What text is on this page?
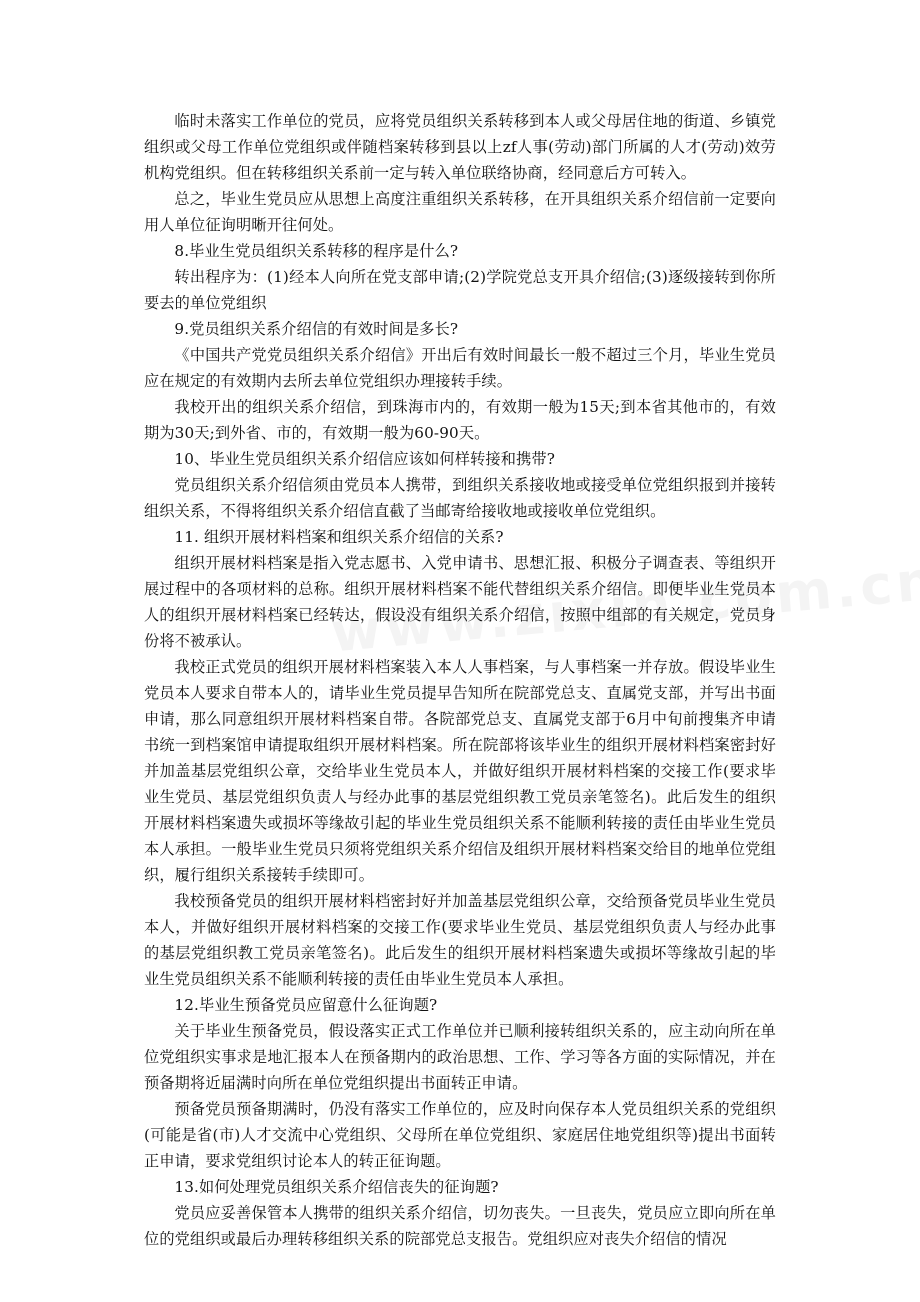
临时未落实工作单位的党员，应将党员组织关系转移到本人或父母居住地的街道、乡镇党组织或父母工作单位党组织或伴随档案转移到县以上zf人事(劳动)部门所属的人才(劳动)效劳机构党组织。但在转移组织关系前一定与转入单位联络协商，经同意后方可转入。

总之，毕业生党员应从思想上高度注重组织关系转移，在开具组织关系介绍信前一定要向用人单位征询明晰开往何处。

8.毕业生党员组织关系转移的程序是什么?

转出程序为：(1)经本人向所在党支部申请;(2)学院党总支开具介绍信;(3)逐级接转到你所要去的单位党组织

9.党员组织关系介绍信的有效时间是多长?

《中国共产党党员组织关系介绍信》开出后有效时间最长一般不超过三个月，毕业生党员应在规定的有效期内去所去单位党组织办理接转手续。

我校开出的组织关系介绍信，到珠海市内的，有效期一般为15天;到本省其他市的，有效期为30天;到外省、市的，有效期一般为60-90天。

10、毕业生党员组织关系介绍信应该如何样转接和携带?

党员组织关系介绍信须由党员本人携带，到组织关系接收地或接受单位党组织报到并接转组织关系，不得将组织关系介绍信直截了当邮寄给接收地或接收单位党组织。

11. 组织开展材料档案和组织关系介绍信的关系?

组织开展材料档案是指入党志愿书、入党申请书、思想汇报、积极分子调查表、等组织开展过程中的各项材料的总称。组织开展材料档案不能代替组织关系介绍信。即便毕业生党员本人的组织开展材料档案已经转达，假设没有组织关系介绍信，按照中组部的有关规定，党员身份将不被承认。

我校正式党员的组织开展材料档案装入本人人事档案，与人事档案一并存放。假设毕业生党员本人要求自带本人的，请毕业生党员提早告知所在院部党总支、直属党支部，并写出书面申请，那么同意组织开展材料档案自带。各院部党总支、直属党支部于6月中旬前搜集齐申请书统一到档案馆申请提取组织开展材料档案。所在院部将该毕业生的组织开展材料档案密封好并加盖基层党组织公章，交给毕业生党员本人，并做好组织开展材料档案的交接工作(要求毕业生党员、基层党组织负责人与经办此事的基层党组织教工党员亲笔签名)。此后发生的组织开展材料档案遗失或损坏等缘故引起的毕业生党员组织关系不能顺利转接的责任由毕业生党员本人承担。一般毕业生党员只须将党组织关系介绍信及组织开展材料档案交给目的地单位党组织，履行组织关系接转手续即可。

我校预备党员的组织开展材料档密封好并加盖基层党组织公章，交给预备党员毕业生党员本人，并做好组织开展材料档案的交接工作(要求毕业生党员、基层党组织负责人与经办此事的基层党组织教工党员亲笔签名)。此后发生的组织开展材料档案遗失或损坏等缘故引起的毕业生党员组织关系不能顺利转接的责任由毕业生党员本人承担。

12.毕业生预备党员应留意什么征询题?

关于毕业生预备党员，假设落实正式工作单位并已顺利接转组织关系的，应主动向所在单位党组织实事求是地汇报本人在预备期内的政治思想、工作、学习等各方面的实际情况，并在预备期将近届满时向所在单位党组织提出书面转正申请。

预备党员预备期满时，仍没有落实工作单位的，应及时向保存本人党员组织关系的党组织(可能是省(市)人才交流中心党组织、父母所在单位党组织、家庭居住地党组织等)提出书面转正申请，要求党组织讨论本人的转正征询题。

13.如何处理党员组织关系介绍信丧失的征询题?

党员应妥善保管本人携带的组织关系介绍信，切勿丧失。一旦丧失，党员应立即向所在单位的党组织或最后办理转移组织关系的院部党总支报告。党组织应对丧失介绍信的情况
